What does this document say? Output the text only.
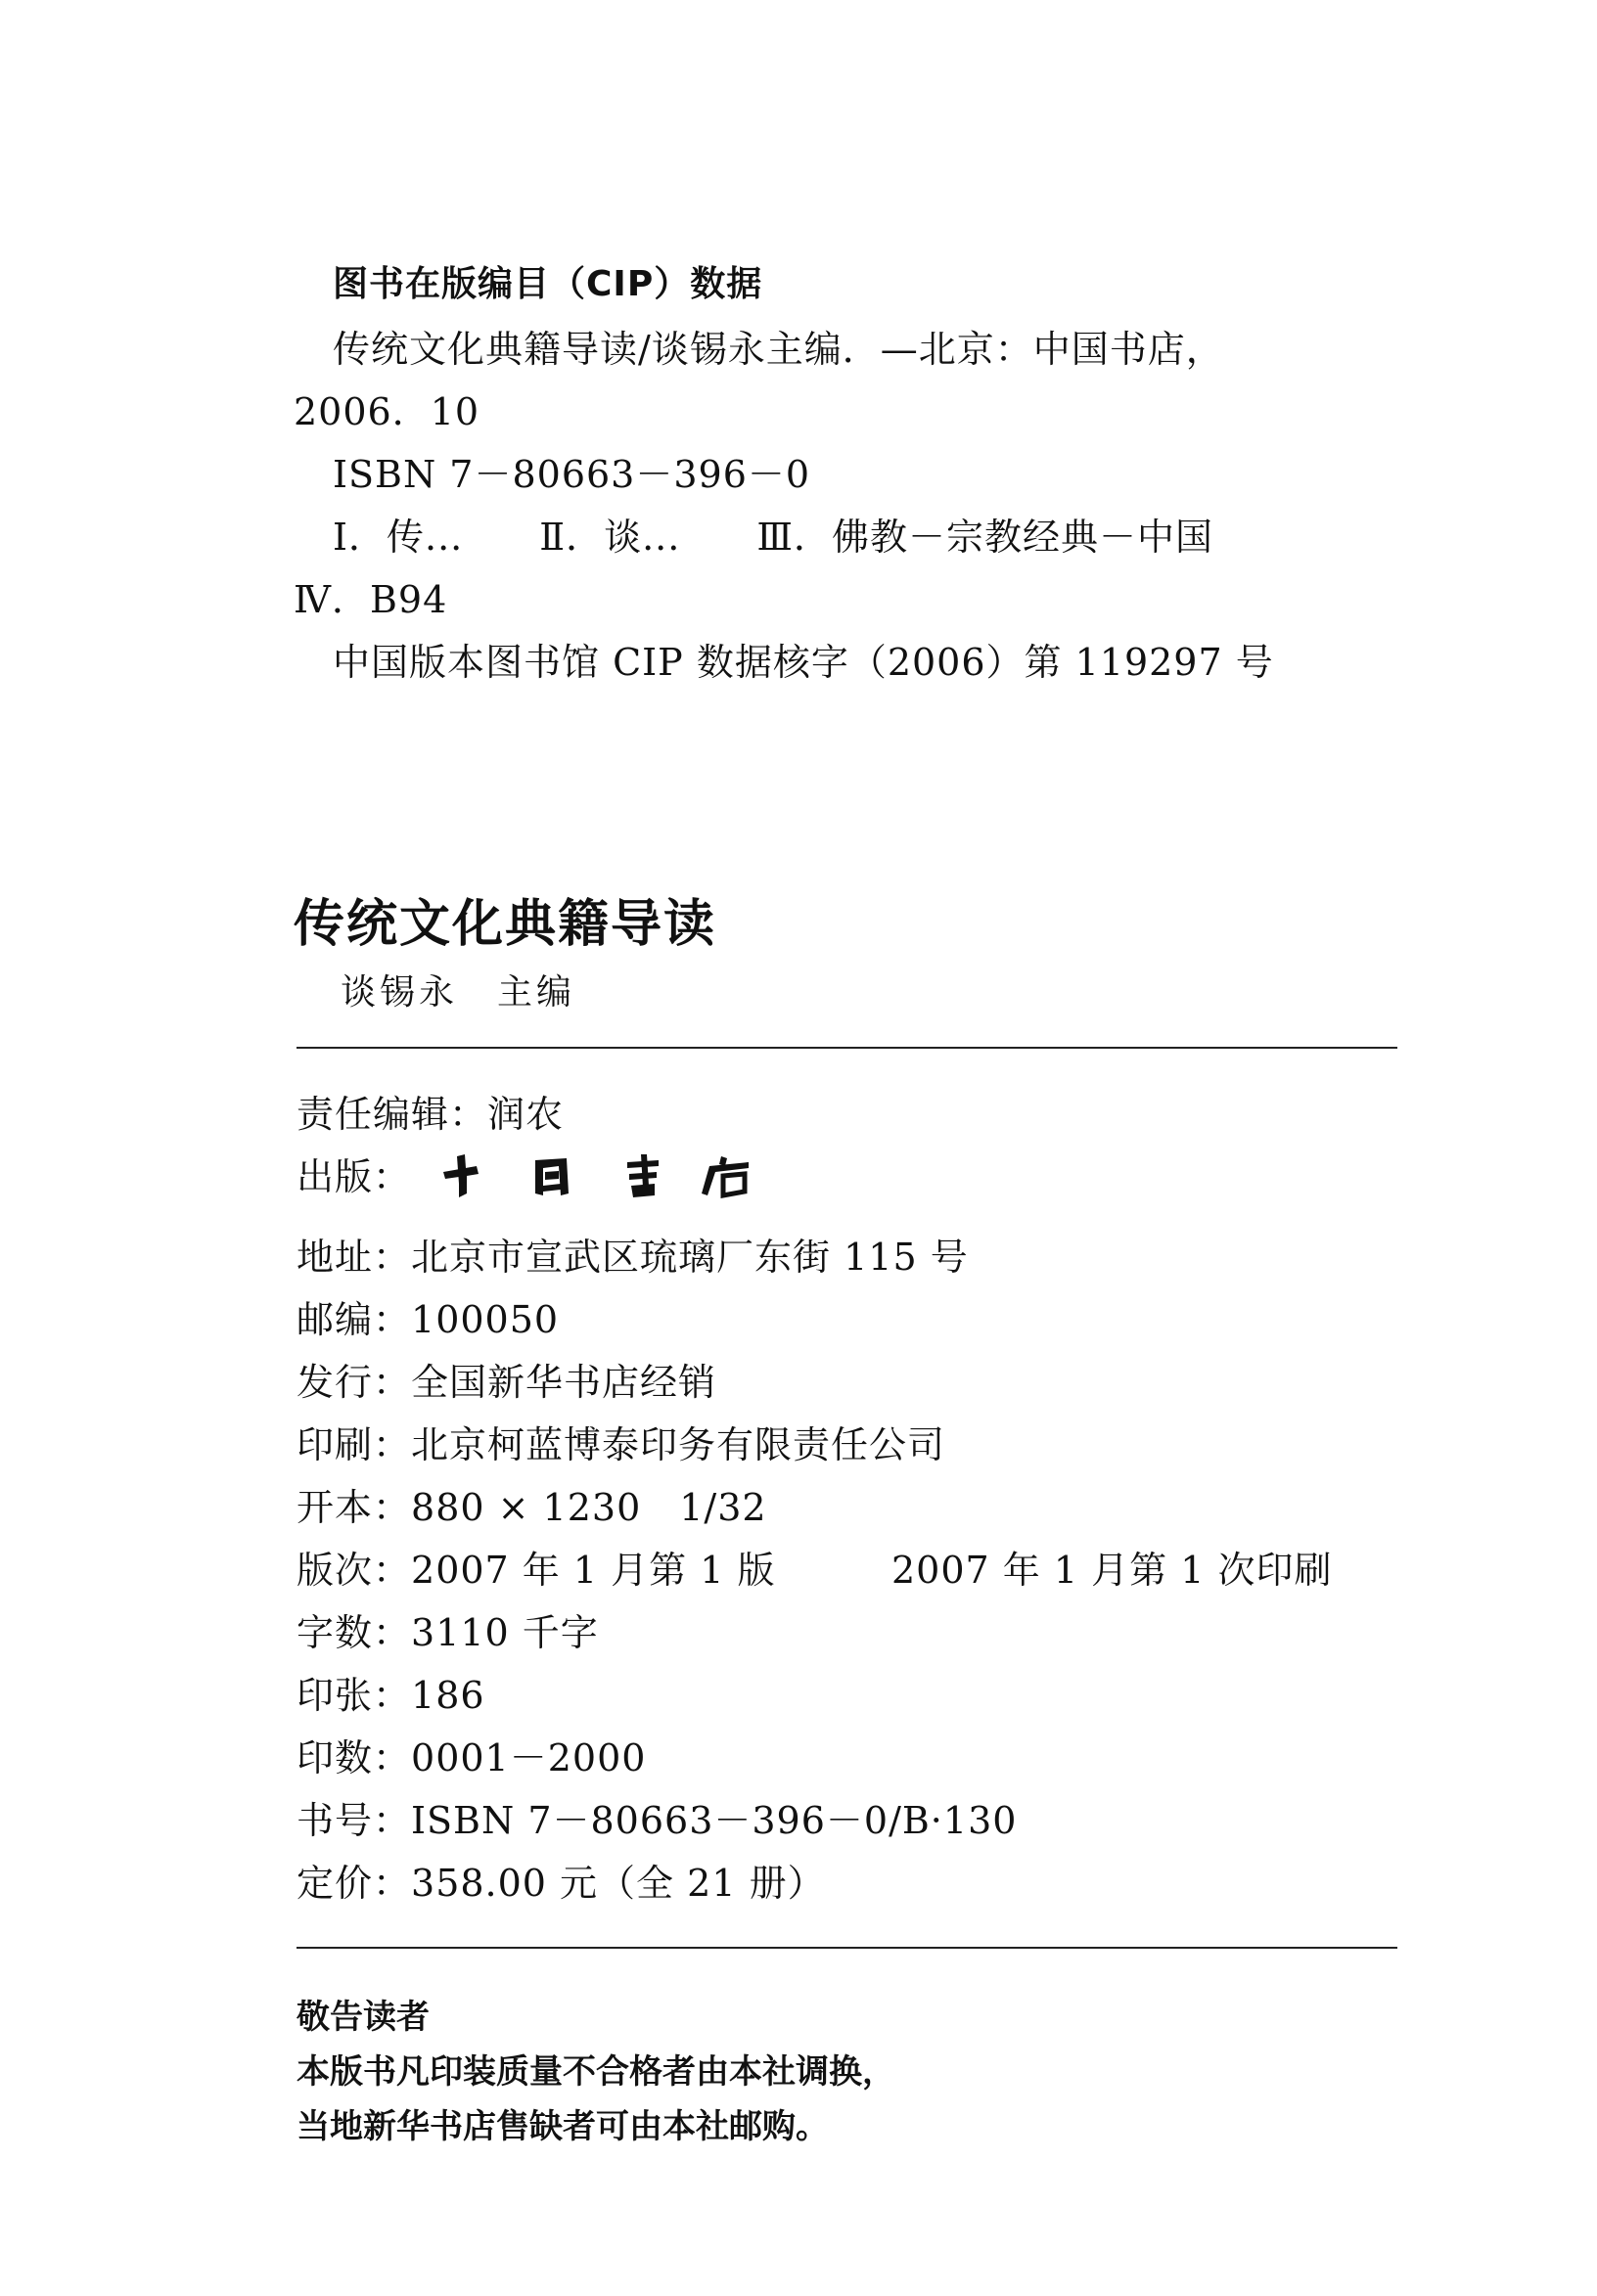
图书在版编目（CIP）数据
传统文化典籍导读/谈锡永主编．—北京：中国书店，
2006．10
ISBN 7－80663－396－0
Ⅰ．传...　　Ⅱ．谈...　　Ⅲ．佛教－宗教经典－中国
Ⅳ．B94
中国版本图书馆 CIP 数据核字（2006）第 119297 号
传统文化典籍导读
谈锡永　主编
责任编辑：润农
出版：
地址：北京市宣武区琉璃厂东街 115 号
邮编：100050
发行：全国新华书店经销
印刷：北京柯蓝博泰印务有限责任公司
开本：880 × 1230　1/32
版次：2007 年 1 月第 1 版	2007 年 1 月第 1 次印刷
字数：3110 千字
印张：186
印数：0001－2000
书号：ISBN 7－80663－396－0/B·130
定价：358.00 元（全 21 册）
敬告读者
本版书凡印装质量不合格者由本社调换，
当地新华书店售缺者可由本社邮购。
